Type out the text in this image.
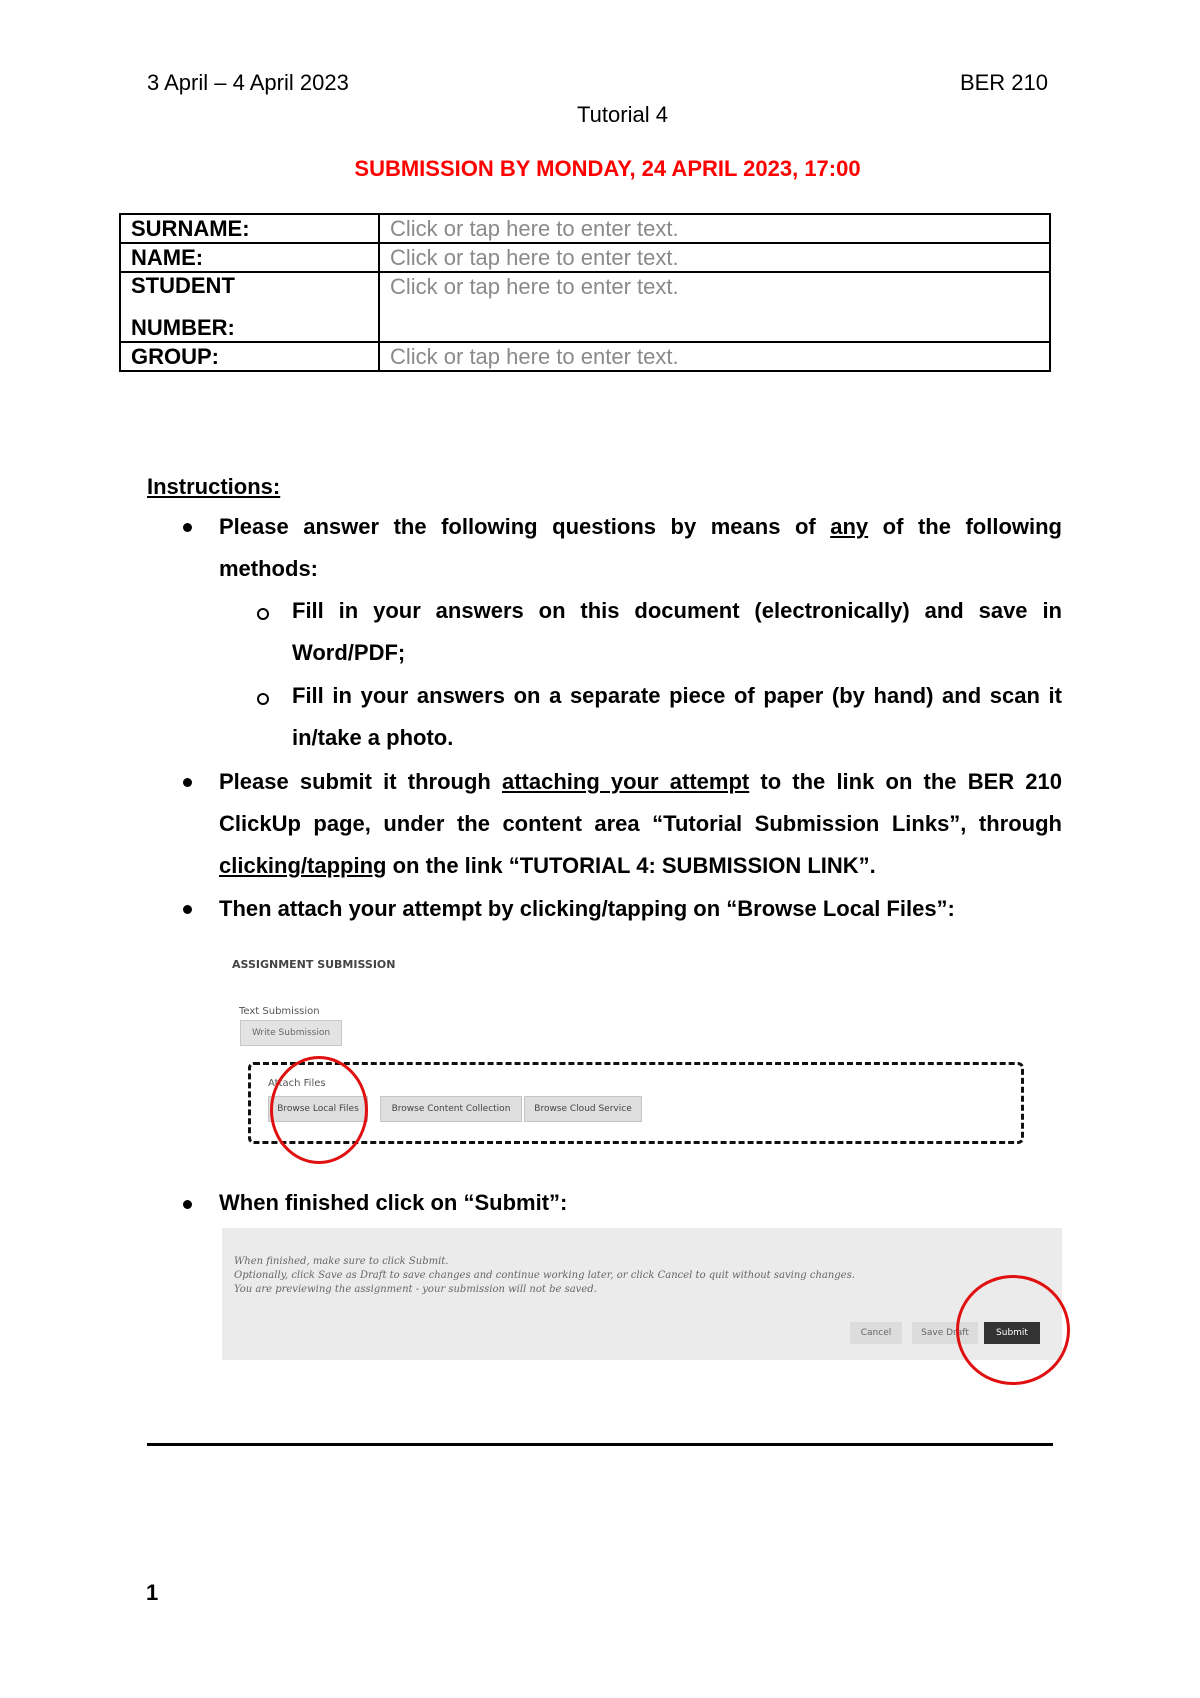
3 April – 4 April 2023	BER 210
Tutorial 4
SUBMISSION BY MONDAY, 24 APRIL 2023, 17:00
SURNAME:	Click or tap here to enter text.
NAME:	Click or tap here to enter text.

STUDENT
NUMBER:	Click or tap here to enter text.
GROUP:	Click or tap here to enter text.
Instructions:
Please answer the following questions by means of any of the following methods:
Fill in your answers on this document (electronically) and save in Word/PDF;
Fill in your answers on a separate piece of paper (by hand) and scan it in/take a photo.
Please submit it through attaching your attempt to the link on the BER 210 ClickUp page, under the content area “Tutorial Submission Links”, through clicking/tapping on the link “TUTORIAL 4: SUBMISSION LINK”.
Then attach your attempt by clicking/tapping on “Browse Local Files”:
ASSIGNMENT SUBMISSION
Text Submission
Write Submission
Attach Files
Browse Local Files	Browse Content Collection	Browse Cloud Service
When finished click on “Submit”:
When finished, make sure to click Submit.
Optionally, click Save as Draft to save changes and continue working later, or click Cancel to quit without saving changes.
You are previewing the assignment - your submission will not be saved.
Cancel	Save Draft	Submit
1
